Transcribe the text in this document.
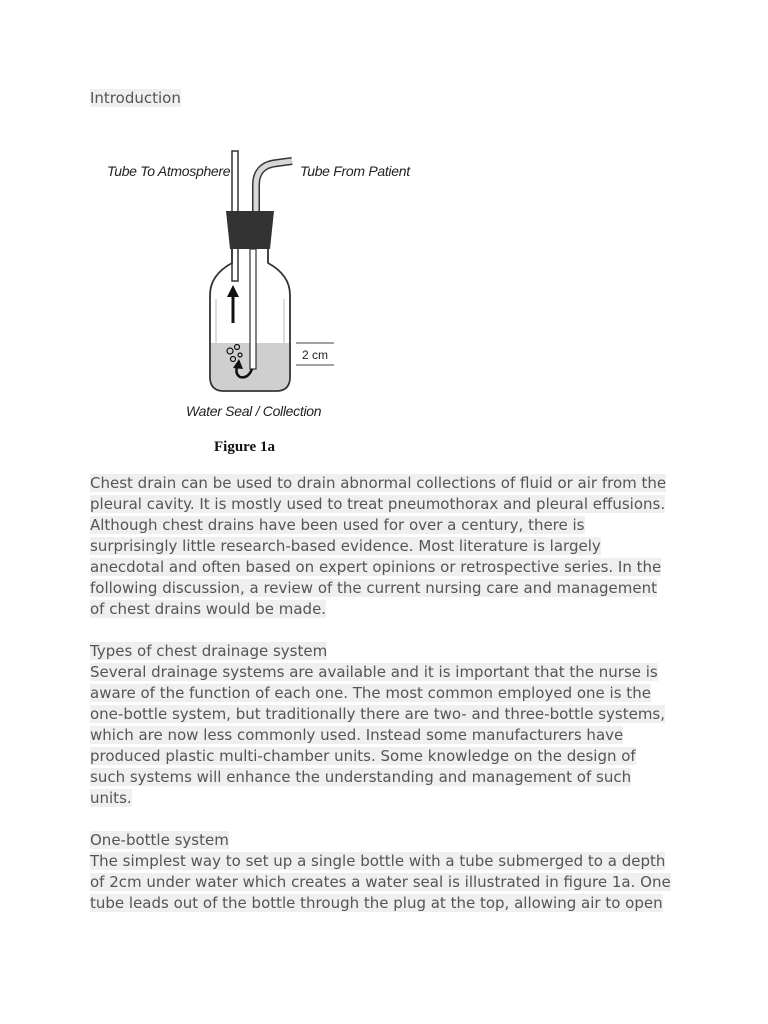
Introduction

Tube To Atmosphere	Tube From Patient
2 cm
Water Seal / Collection
Figure 1a
Chest drain can be used to drain abnormal collections of fluid or air from the
pleural cavity. It is mostly used to treat pneumothorax and pleural effusions.
Although chest drains have been used for over a century, there is
surprisingly little research-based evidence. Most literature is largely
anecdotal and often based on expert opinions or retrospective series. In the
following discussion, a review of the current nursing care and management
of chest drains would be made.

Types of chest drainage system

Several drainage systems are available and it is important that the nurse is
aware of the function of each one. The most common employed one is the
one-bottle system, but traditionally there are two- and three-bottle systems,
which are now less commonly used. Instead some manufacturers have
produced plastic multi-chamber units. Some knowledge on the design of
such systems will enhance the understanding and management of such
units.

One-bottle system

The simplest way to set up a single bottle with a tube submerged to a depth
of 2cm under water which creates a water seal is illustrated in figure 1a. One
tube leads out of the bottle through the plug at the top, allowing air to open
